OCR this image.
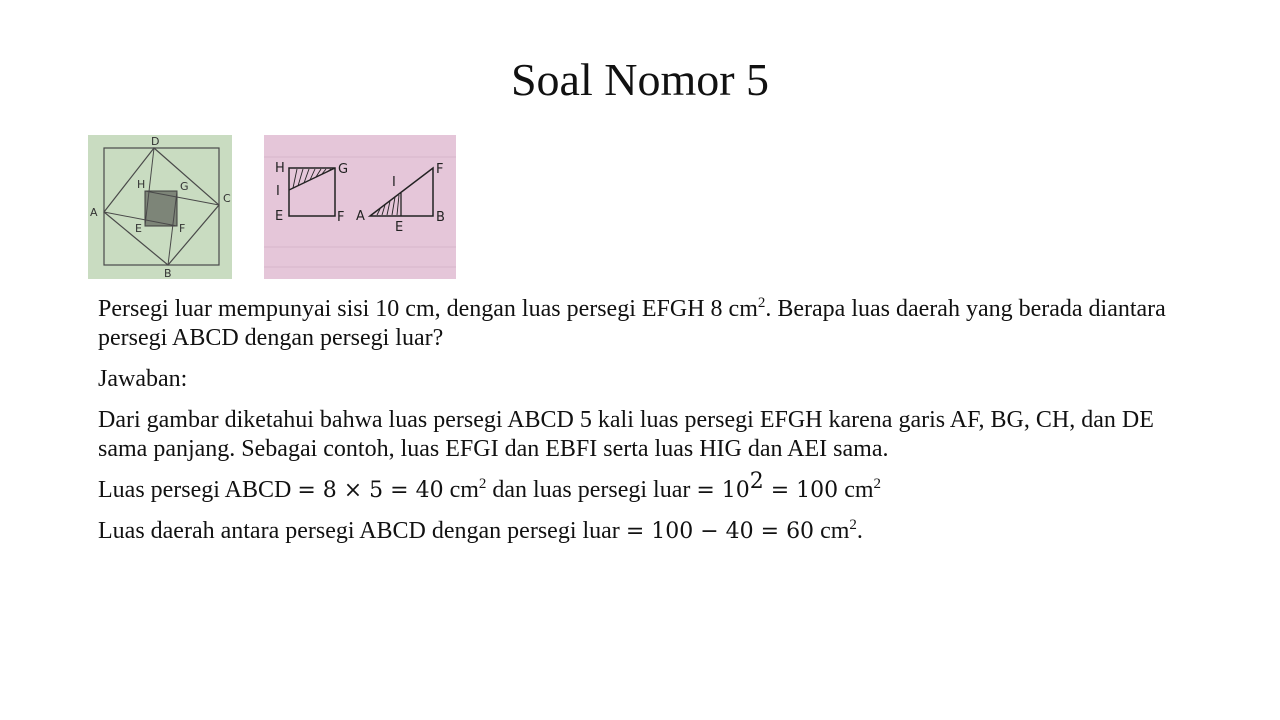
Soal Nomor 5
D
A
C
B
H	G
E	F
H	G
I
E	F A
I
E
F
B

Persegi luar mempunyai sisi 10 cm, dengan luas persegi EFGH 8 $cm^2$. Berapa luas daerah yang berada diantara persegi ABCD dengan persegi luar?

Jawaban:

Dari gambar diketahui bahwa luas persegi ABCD 5 kali luas persegi EFGH karena garis AF, BG, CH, dan DE sama panjang. Sebagai contoh, luas EFGI dan EBFI serta luas HIG dan AEI sama.

Luas persegi ABCD = 8 × 5 = 40 $cm^2$ dan luas persegi luar = $10^2 = 100$ $cm^2$

Luas daerah antara persegi ABCD dengan persegi luar = 100 − 40 = 60 $cm^2$.
